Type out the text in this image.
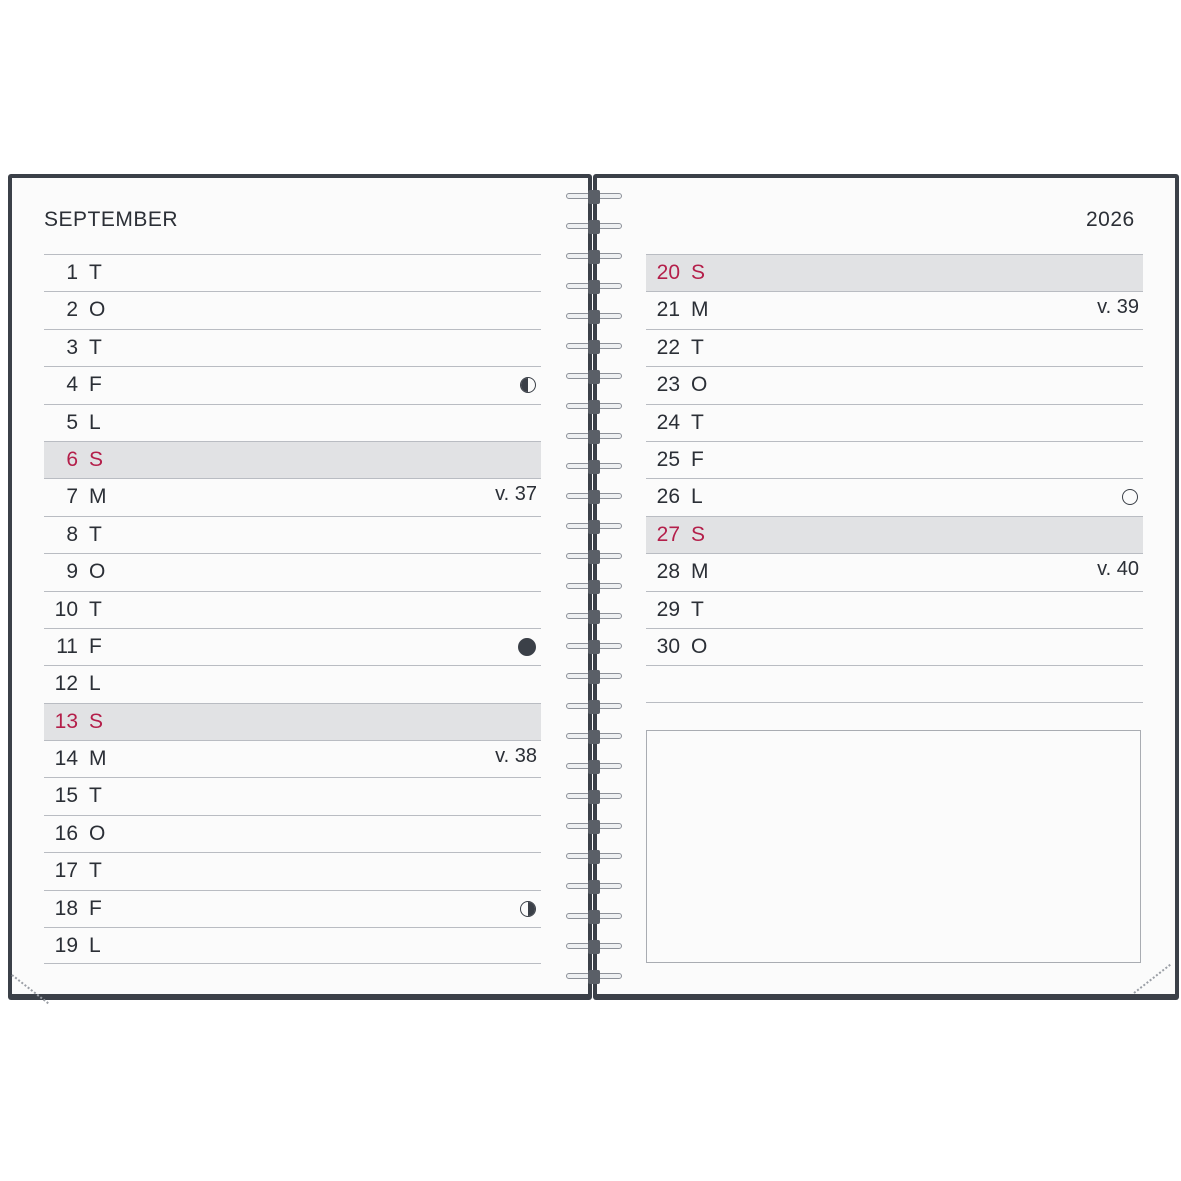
SEPTEMBER	2026
1 T
2 O
3 T
4 F
5 L
6 S
7 M	v. 37
8 T
9 O
10 T
11 F
12 L
13 S
14 M	v. 38
15 T
16 O
17 T
18 F
19 L
20 S
21 M	v. 39
22 T
23 O
24 T
25 F
26 L
27 S
28 M	v. 40
29 T
30 O
